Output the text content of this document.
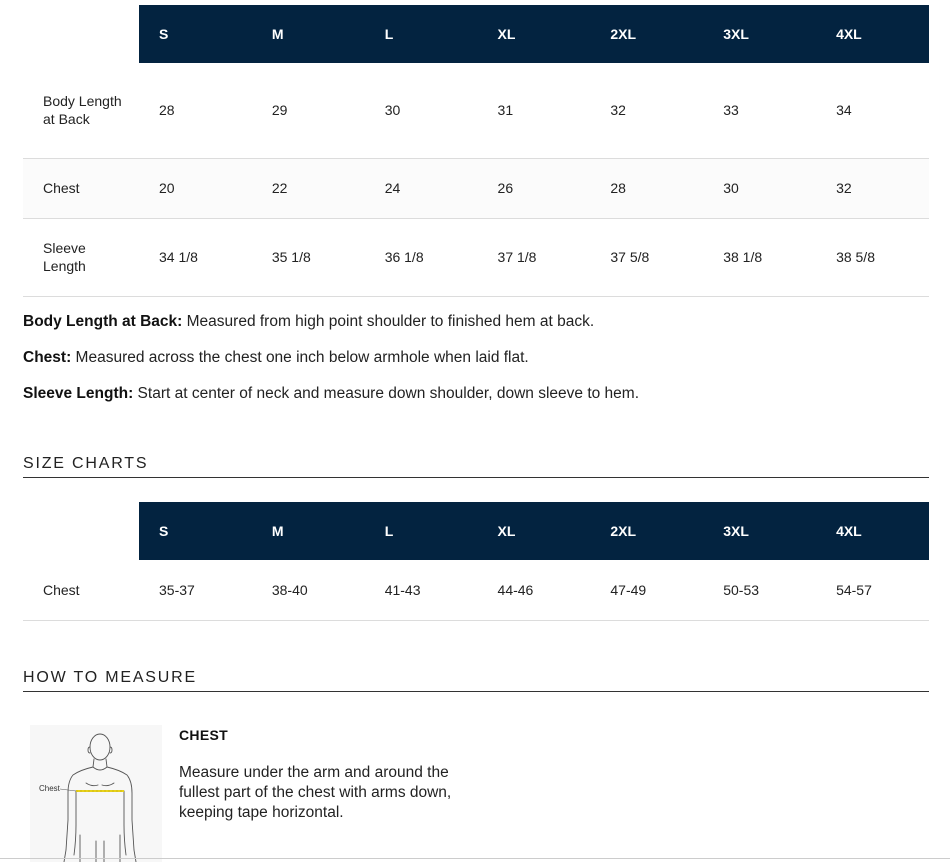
	S	M	L	XL	2XL	3XL	4XL
Body Length at Back	28	29	30	31	32	33	34
Chest	20	22	24	26	28	30	32
Sleeve Length	34 1/8	35 1/8	36 1/8	37 1/8	37 5/8	38 1/8	38 5/8

Body Length at Back: Measured from high point shoulder to finished hem at back.

Chest: Measured across the chest one inch below armhole when laid flat.

Sleeve Length: Start at center of neck and measure down shoulder, down sleeve to hem.

SIZE CHARTS
	S	M	L	XL	2XL	3XL	4XL
Chest	35-37	38-40	41-43	44-46	47-49	50-53	54-57
HOW TO MEASURE
Chest
CHEST

Measure under the arm and around the fullest part of the chest with arms down, keeping tape horizontal.
